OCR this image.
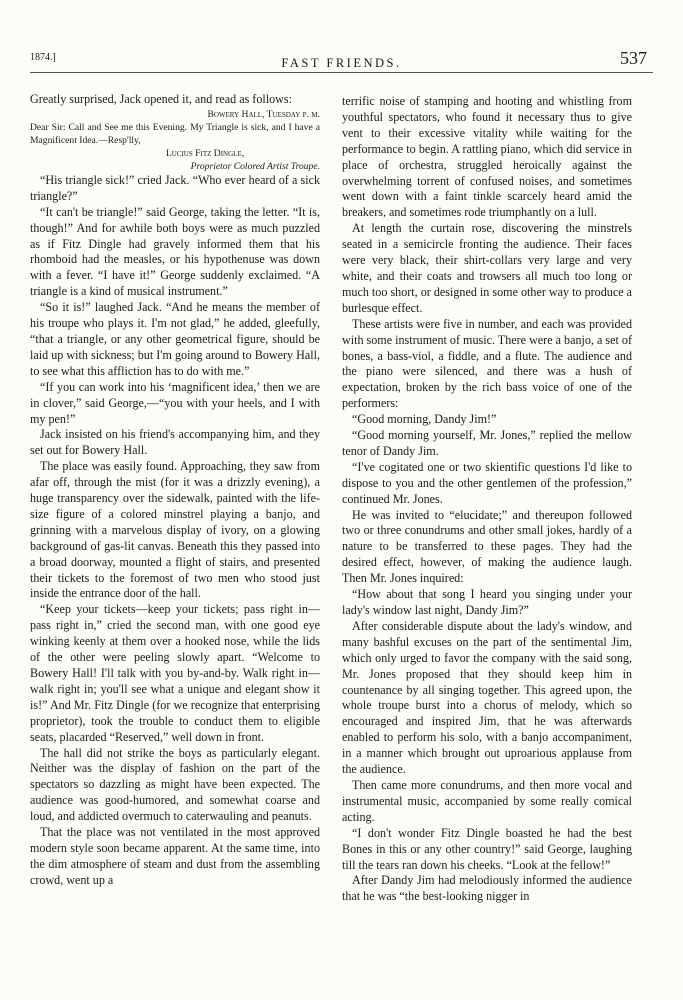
1874.]	FAST FRIENDS.	537

Greatly surprised, Jack opened it, and read as follows:

Bowery Hall, Tuesday p. m.

Dear Sir: Call and See me this Evening. My Triangle is sick, and I have a Magnificent Idea.—Resp'lly,

Lucius Fitz Dingle,

Proprietor Colored Artist Troupe.

“His triangle sick!” cried Jack. “Who ever heard of a sick triangle?”

“It can't be triangle!” said George, taking the letter. “It is, though!” And for awhile both boys were as much puzzled as if Fitz Dingle had gravely informed them that his rhomboid had the measles, or his hypothenuse was down with a fever. “I have it!” George suddenly exclaimed. “A triangle is a kind of musical instrument.”

“So it is!” laughed Jack. “And he means the member of his troupe who plays it. I'm not glad,” he added, gleefully, “that a triangle, or any other geometrical figure, should be laid up with sickness; but I'm going around to Bowery Hall, to see what this affliction has to do with me.”

“If you can work into his ‘magnificent idea,’ then we are in clover,” said George,—“you with your heels, and I with my pen!”

Jack insisted on his friend's accompanying him, and they set out for Bowery Hall.

The place was easily found. Approaching, they saw from afar off, through the mist (for it was a drizzly evening), a huge transparency over the sidewalk, painted with the life-size figure of a colored minstrel playing a banjo, and grinning with a marvelous display of ivory, on a glowing background of gas-lit canvas. Beneath this they passed into a broad doorway, mounted a flight of stairs, and presented their tickets to the foremost of two men who stood just inside the entrance door of the hall.

“Keep your tickets—keep your tickets; pass right in—pass right in,” cried the second man, with one good eye winking keenly at them over a hooked nose, while the lids of the other were peeling slowly apart. “Welcome to Bowery Hall! I'll talk with you by-and-by. Walk right in—walk right in; you'll see what a unique and elegant show it is!” And Mr. Fitz Dingle (for we recognize that enterprising proprietor), took the trouble to conduct them to eligible seats, placarded “Reserved,” well down in front.

The hall did not strike the boys as particularly elegant. Neither was the display of fashion on the part of the spectators so dazzling as might have been expected. The audience was good-humored, and somewhat coarse and loud, and addicted overmuch to caterwauling and peanuts.

That the place was not ventilated in the most approved modern style soon became apparent. At the same time, into the dim atmosphere of steam and dust from the assembling crowd, went up a

terrific noise of stamping and hooting and whistling from youthful spectators, who found it necessary thus to give vent to their excessive vitality while waiting for the performance to begin. A rattling piano, which did service in place of orchestra, struggled heroically against the overwhelming torrent of confused noises, and sometimes went down with a faint tinkle scarcely heard amid the breakers, and sometimes rode triumphantly on a lull.

At length the curtain rose, discovering the minstrels seated in a semicircle fronting the audience. Their faces were very black, their shirt-collars very large and very white, and their coats and trowsers all much too long or much too short, or designed in some other way to produce a burlesque effect.

These artists were five in number, and each was provided with some instrument of music. There were a banjo, a set of bones, a bass-viol, a fiddle, and a flute. The audience and the piano were silenced, and there was a hush of expectation, broken by the rich bass voice of one of the performers:

“Good morning, Dandy Jim!”

“Good morning yourself, Mr. Jones,” replied the mellow tenor of Dandy Jim.

“I've cogitated one or two skientific questions I'd like to dispose to you and the other gentlemen of the profession,” continued Mr. Jones.

He was invited to “elucidate;” and thereupon followed two or three conundrums and other small jokes, hardly of a nature to be transferred to these pages. They had the desired effect, however, of making the audience laugh. Then Mr. Jones inquired:

“How about that song I heard you singing under your lady's window last night, Dandy Jim?”

After considerable dispute about the lady's window, and many bashful excuses on the part of the sentimental Jim, which only urged to favor the company with the said song, Mr. Jones proposed that they should keep him in countenance by all singing together. This agreed upon, the whole troupe burst into a chorus of melody, which so encouraged and inspired Jim, that he was afterwards enabled to perform his solo, with a banjo accompaniment, in a manner which brought out uproarious applause from the audience.

Then came more conundrums, and then more vocal and instrumental music, accompanied by some really comical acting.

“I don't wonder Fitz Dingle boasted he had the best Bones in this or any other country!” said George, laughing till the tears ran down his cheeks. “Look at the fellow!”

After Dandy Jim had melodiously informed the audience that he was “the best-looking nigger in
